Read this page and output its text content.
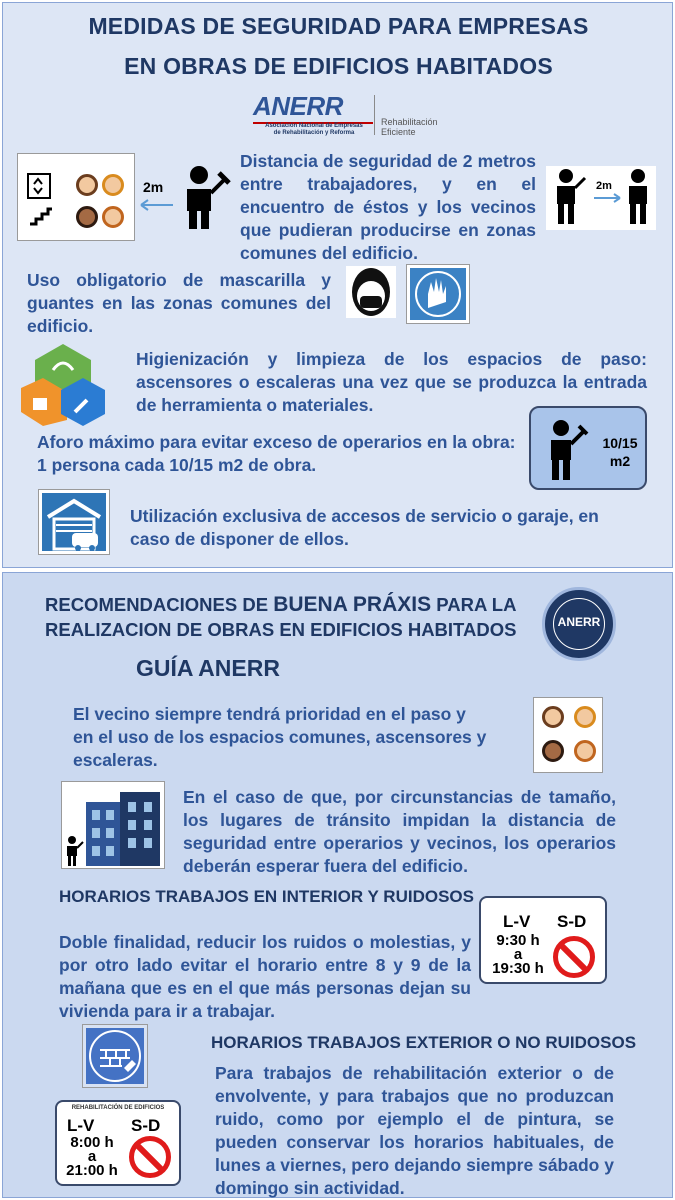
MEDIDAS DE SEGURIDAD PARA EMPRESAS
EN OBRAS DE EDIFICIOS HABITADOS
ANERR
Asociación Nacional de Empresas
de Rehabilitación y Reforma
Rehabilitación
Eficiente
2m
Distancia de seguridad de 2 metros entre trabajadores, y en el encuentro de éstos y los vecinos que pudieran producirse en zonas comunes del edificio.
2m
Uso obligatorio de mascarilla y guantes en las zonas comunes del edificio.
Higienización y limpieza de los espacios de paso: ascensores o escaleras una vez que se produzca la entrada de herramienta o materiales.
Aforo máximo para evitar exceso de operarios en la obra: 1 persona cada 10/15 m2 de obra.
10/15
m2
Utilización exclusiva de accesos de servicio o garaje, en caso de disponer de ellos.
RECOMENDACIONES DE BUENA PRÁXIS PARA LA
REALIZACION DE OBRAS EN EDIFICIOS HABITADOS
GUÍA ANERR
ANERR
El vecino siempre tendrá prioridad en el paso y en el uso de los espacios comunes, ascensores y escaleras.
En el caso de que, por circunstancias de tamaño, los lugares de tránsito impidan la distancia de seguridad entre operarios y vecinos, los operarios deberán esperar fuera del edificio.
HORARIOS TRABAJOS EN INTERIOR Y RUIDOSOS
Doble finalidad, reducir los ruidos o molestias, y por otro lado evitar el horario entre 8 y 9 de la mañana que es en el que más personas dejan su vivienda para ir a trabajar.
L-V S-D
9:30 h
a
19:30 h
HORARIOS TRABAJOS EXTERIOR O NO RUIDOSOS
Para trabajos de rehabilitación exterior o de envolvente, y para trabajos que no produzcan ruido, como por ejemplo el de pintura, se pueden conservar los horarios habituales, de lunes a viernes, pero dejando siempre sábado y domingo sin actividad.
REHABILITACIÓN DE EDIFICIOS
L-V S-D
8:00 h
a
21:00 h
